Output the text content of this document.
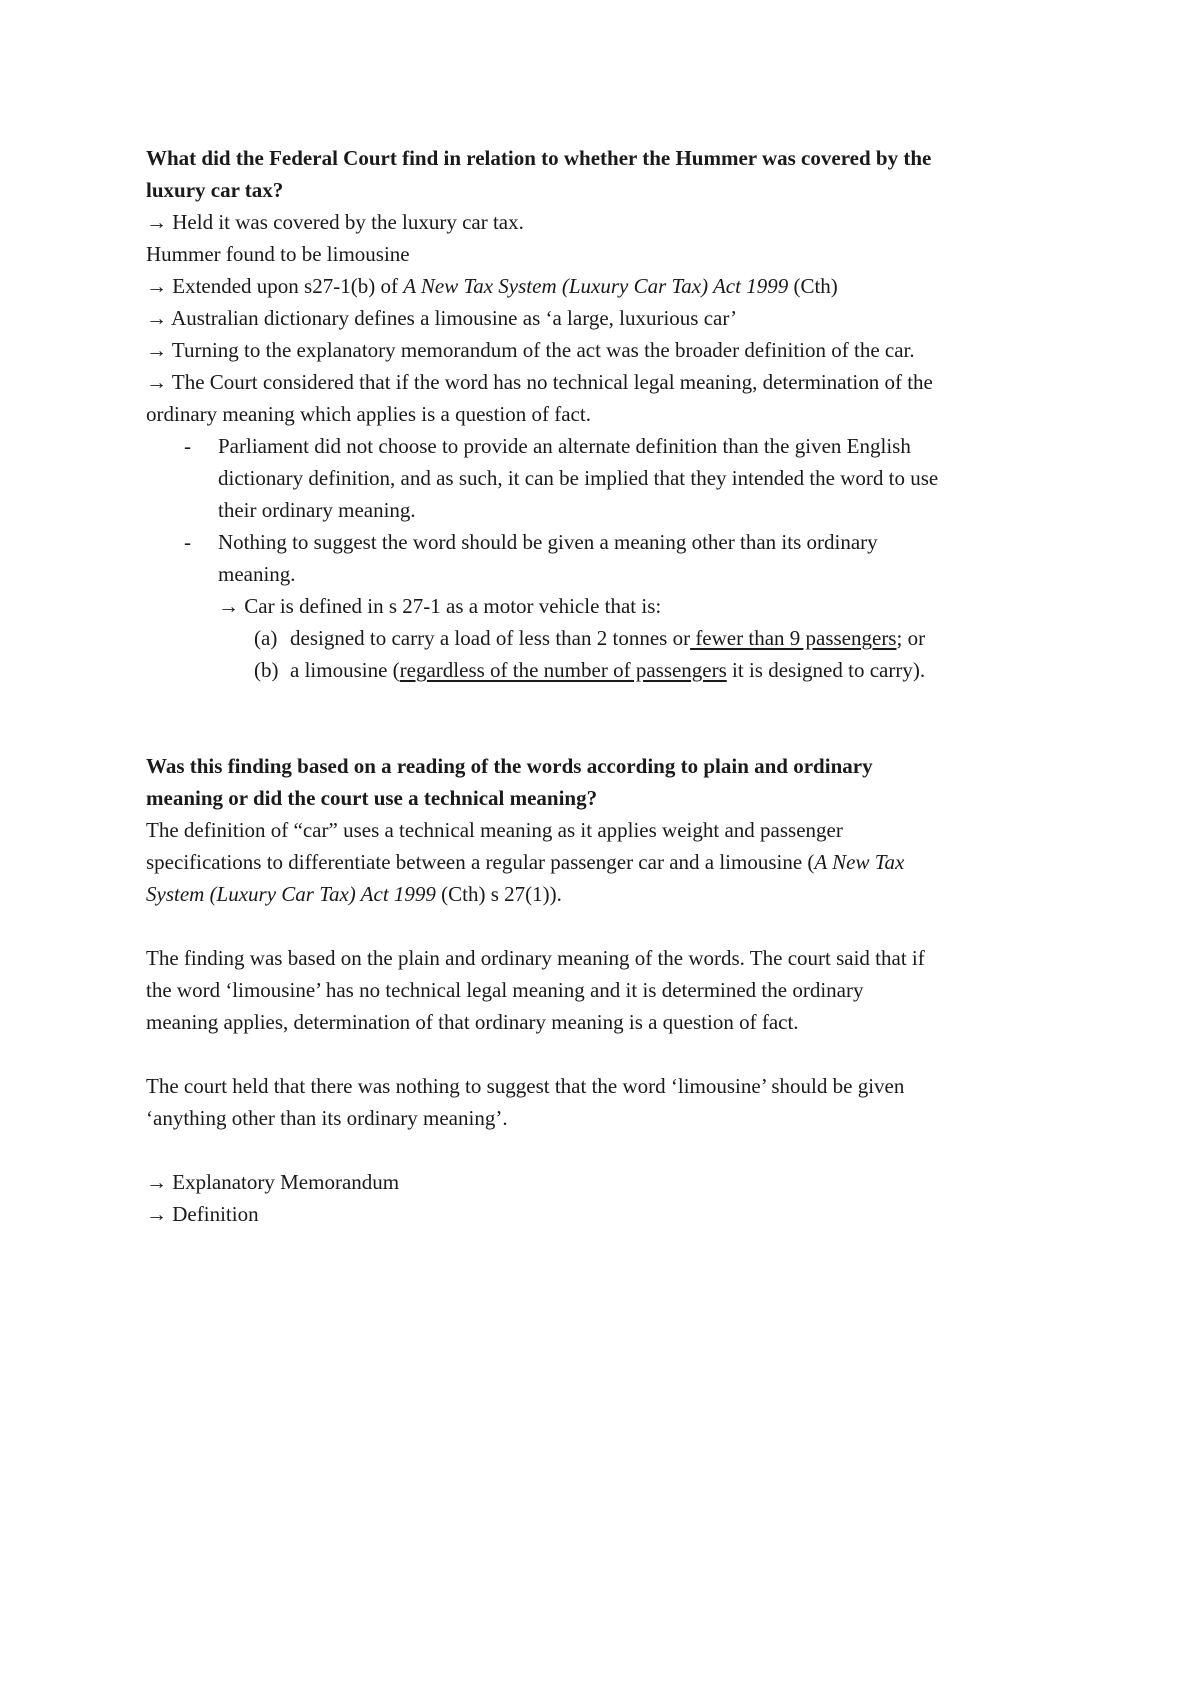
What did the Federal Court find in relation to whether the Hummer was covered by the
luxury car tax?
→ Held it was covered by the luxury car tax.
Hummer found to be limousine
→ Extended upon s27-1(b) of A New Tax System (Luxury Car Tax) Act 1999 (Cth)
→ Australian dictionary defines a limousine as ‘a large, luxurious car’
→ Turning to the explanatory memorandum of the act was the broader definition of the car.
→ The Court considered that if the word has no technical legal meaning, determination of the
ordinary meaning which applies is a question of fact.
- Parliament did not choose to provide an alternate definition than the given English
dictionary definition, and as such, it can be implied that they intended the word to use
their ordinary meaning.
- Nothing to suggest the word should be given a meaning other than its ordinary
meaning.
→ Car is defined in s 27-1 as a motor vehicle that is:
(a) designed to carry a load of less than 2 tonnes or fewer than 9 passengers; or
(b) a limousine (regardless of the number of passengers it is designed to carry).
Was this finding based on a reading of the words according to plain and ordinary
meaning or did the court use a technical meaning?
The definition of “car” uses a technical meaning as it applies weight and passenger
specifications to differentiate between a regular passenger car and a limousine (A New Tax
System (Luxury Car Tax) Act 1999 (Cth) s 27(1)).
The finding was based on the plain and ordinary meaning of the words. The court said that if
the word ‘limousine’ has no technical legal meaning and it is determined the ordinary
meaning applies, determination of that ordinary meaning is a question of fact.
The court held that there was nothing to suggest that the word ‘limousine’ should be given
‘anything other than its ordinary meaning’.
→ Explanatory Memorandum
→ Definition
